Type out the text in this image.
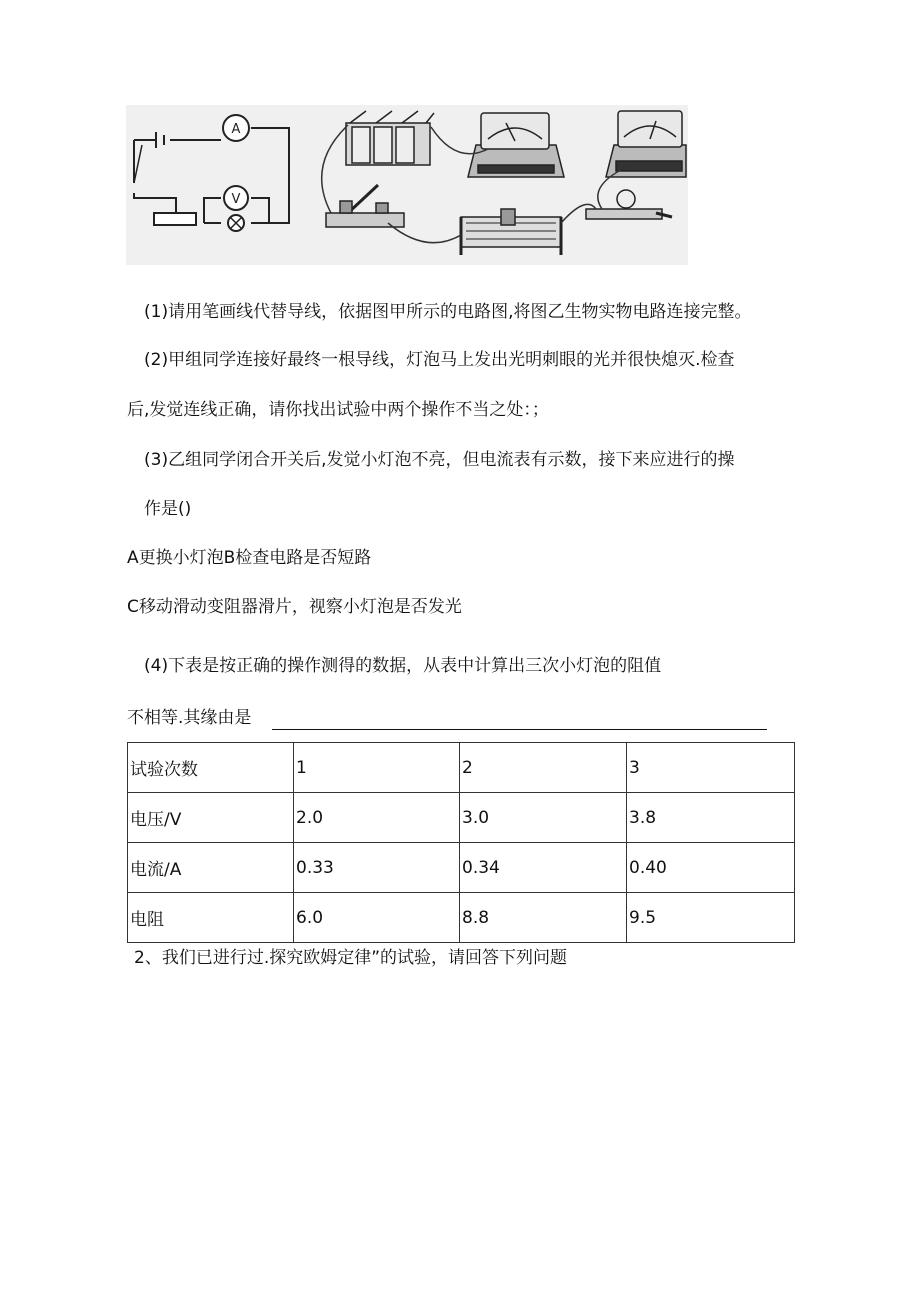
A
V

(1)请用笔画线代替导线，依据图甲所示的电路图,将图乙生物实物电路连接完整。

(2)甲组同学连接好最终一根导线，灯泡马上发出光明刺眼的光并很快熄灭.检查

后,发觉连线正确，请你找出试验中两个操作不当之处：；

(3)乙组同学闭合开关后,发觉小灯泡不亮，但电流表有示数，接下来应进行的操

作是()

A更换小灯泡B检查电路是否短路

C移动滑动变阻器滑片，视察小灯泡是否发光

(4)下表是按正确的操作测得的数据，从表中计算出三次小灯泡的阻值

不相等.其缘由是

试验次数	1	2	3
电压/V	2.0	3.0	3.8
电流/A	0.33	0.34	0.40
电阻	6.0	8.8	9.5

2、我们已进行过.探究欧姆定律”的试验，请回答下列问题
